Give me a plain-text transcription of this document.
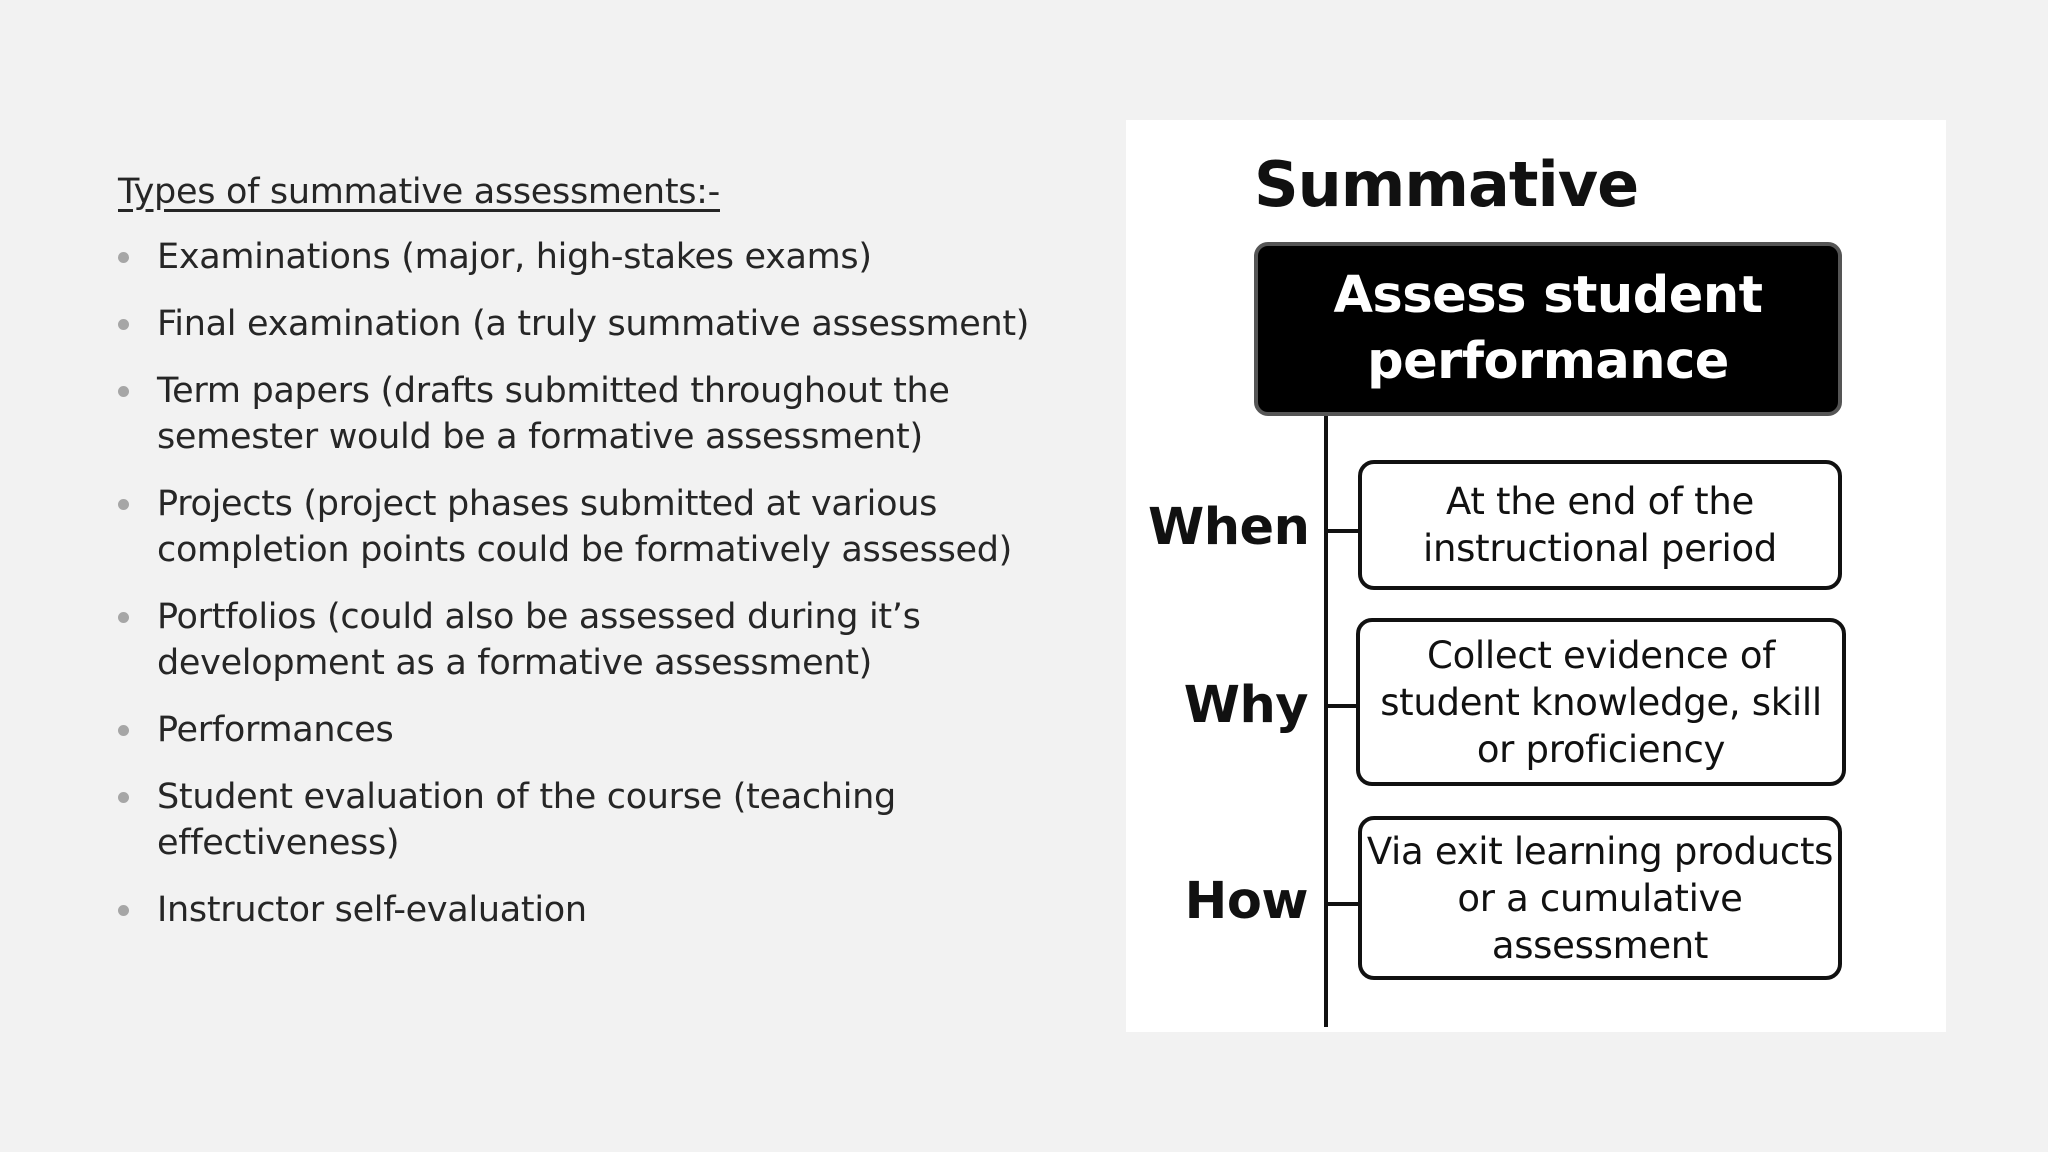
Types of summative assessments:-

Examinations (major, high-stakes exams)
Final examination (a truly summative assessment)
Term papers (drafts submitted throughout the semester would be a formative assessment)
Projects (project phases submitted at various completion points could be formatively assessed)
Portfolios (could also be assessed during it’s development as a formative assessment)
Performances
Student evaluation of the course (teaching effectiveness)
Instructor self-evaluation
Summative
Assess student
performance
When	At the end of the
instructional period
Why
Collect evidence of
student knowledge, skill
or proficiency
How
Via exit learning products
or a cumulative
assessment
